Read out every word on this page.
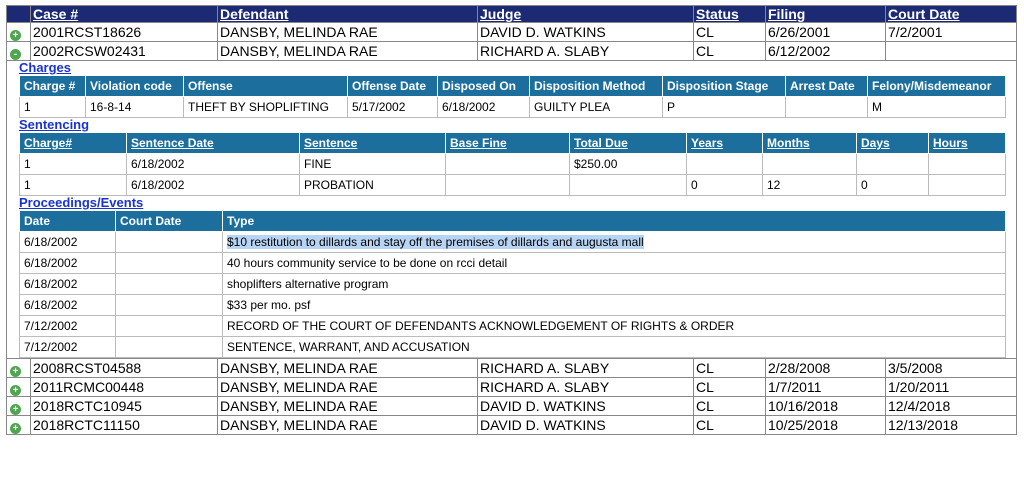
	Case #	Defendant	Judge	Status	Filing	Court Date
+	2001RCST18626	DANSBY, MELINDA RAE	DAVID D. WATKINS	CL	6/26/2001	7/2/2001
-	2002RCSW02431	DANSBY, MELINDA RAE	RICHARD A. SLABY	CL	6/12/2002	

Charges
Charge #	Violation code	Offense	Offense Date	Disposed On	Disposition Method	Disposition Stage	Arrest Date	Felony/Misdemeanor
1	16-8-14	THEFT BY SHOPLIFTING	5/17/2002	6/18/2002	GUILTY PLEA	P		M
Sentencing
Charge#	Sentence Date	Sentence	Base Fine	Total Due	Years	Months	Days	Hours
1	6/18/2002	FINE		$250.00				
1	6/18/2002	PROBATION			0	12	0	
Proceedings/Events
Date	Court Date	Type
6/18/2002		$10 restitution to dillards and stay off the premises of dillards and augusta mall
6/18/2002		40 hours community service to be done on rcci detail
6/18/2002		shoplifters alternative program
6/18/2002		$33 per mo. psf
7/12/2002		RECORD OF THE COURT OF DEFENDANTS ACKNOWLEDGEMENT OF RIGHTS & ORDER
7/12/2002		SENTENCE, WARRANT, AND ACCUSATION

+	2008RCST04588	DANSBY, MELINDA RAE	RICHARD A. SLABY	CL	2/28/2008	3/5/2008
+	2011RCMC00448	DANSBY, MELINDA RAE	RICHARD A. SLABY	CL	1/7/2011	1/20/2011
+	2018RCTC10945	DANSBY, MELINDA RAE	DAVID D. WATKINS	CL	10/16/2018	12/4/2018
+	2018RCTC11150	DANSBY, MELINDA RAE	DAVID D. WATKINS	CL	10/25/2018	12/13/2018
